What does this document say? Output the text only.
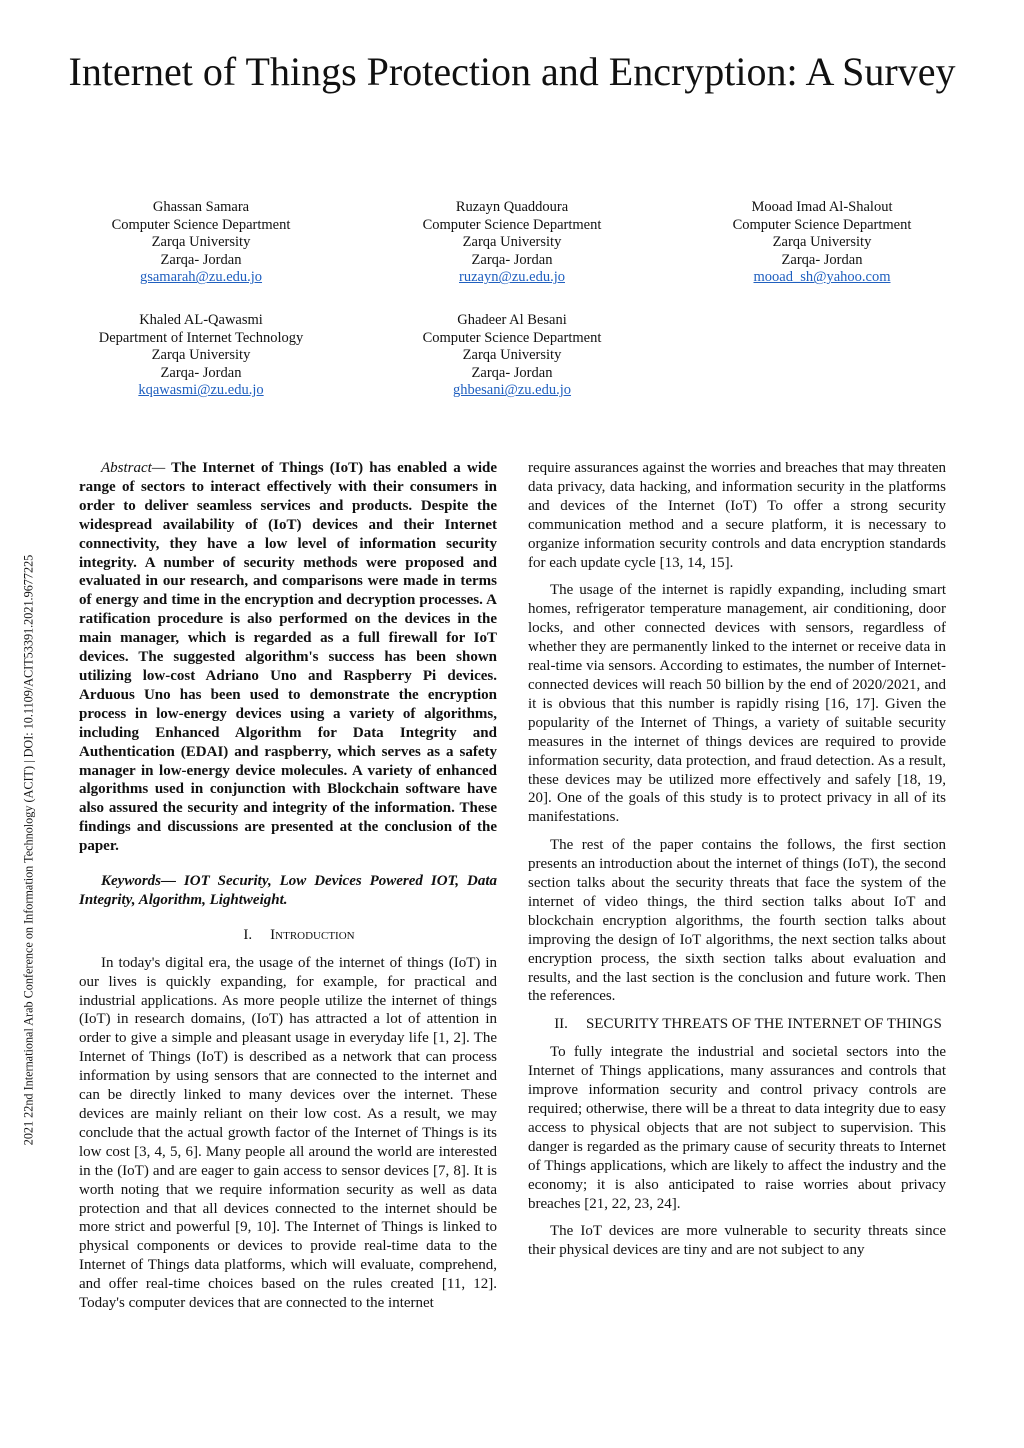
Internet of Things Protection and Encryption: A Survey
Ghassan Samara
Computer Science Department
Zarqa University
Zarqa- Jordan
gsamarah@zu.edu.jo
Ruzayn Quaddoura
Computer Science Department
Zarqa University
Zarqa- Jordan
ruzayn@zu.edu.jo
Mooad Imad Al-Shalout
Computer Science Department
Zarqa University
Zarqa- Jordan
mooad_sh@yahoo.com
Khaled AL-Qawasmi
Department of Internet Technology
Zarqa University
Zarqa- Jordan
kqawasmi@zu.edu.jo
Ghadeer Al Besani
Computer Science Department
Zarqa University
Zarqa- Jordan
ghbesani@zu.edu.jo
2021 22nd International Arab Conference on Information Technology (ACIT) | DOI: 10.1109/ACIT53391.2021.9677225

Abstract— The Internet of Things (IoT) has enabled a wide range of sectors to interact effectively with their consumers in order to deliver seamless services and products. Despite the widespread availability of (IoT) devices and their Internet connectivity, they have a low level of information security integrity. A number of security methods were proposed and evaluated in our research, and comparisons were made in terms of energy and time in the encryption and decryption processes. A ratification procedure is also performed on the devices in the main manager, which is regarded as a full firewall for IoT devices. The suggested algorithm's success has been shown utilizing low-cost Adriano Uno and Raspberry Pi devices. Arduous Uno has been used to demonstrate the encryption process in low-energy devices using a variety of algorithms, including Enhanced Algorithm for Data Integrity and Authentication (EDAI) and raspberry, which serves as a safety manager in low-energy device molecules. A variety of enhanced algorithms used in conjunction with Blockchain software have also assured the security and integrity of the information. These findings and discussions are presented at the conclusion of the paper.

Keywords— IOT Security, Low Devices Powered IOT, Data Integrity, Algorithm, Lightweight.

I. Introduction

In today's digital era, the usage of the internet of things (IoT) in our lives is quickly expanding, for example, for practical and industrial applications. As more people utilize the internet of things (IoT) in research domains, (IoT) has attracted a lot of attention in order to give a simple and pleasant usage in everyday life [1, 2]. The Internet of Things (IoT) is described as a network that can process information by using sensors that are connected to the internet and can be directly linked to many devices over the internet. These devices are mainly reliant on their low cost. As a result, we may conclude that the actual growth factor of the Internet of Things is its low cost [3, 4, 5, 6]. Many people all around the world are interested in the (IoT) and are eager to gain access to sensor devices [7, 8]. It is worth noting that we require information security as well as data protection and that all devices connected to the internet should be more strict and powerful [9, 10]. The Internet of Things is linked to physical components or devices to provide real-time data to the Internet of Things data platforms, which will evaluate, comprehend, and offer real-time choices based on the rules created [11, 12]. Today's computer devices that are connected to the internet

require assurances against the worries and breaches that may threaten data privacy, data hacking, and information security in the platforms and devices of the Internet (IoT) To offer a strong security communication method and a secure platform, it is necessary to organize information security controls and data encryption standards for each update cycle [13, 14, 15].

The usage of the internet is rapidly expanding, including smart homes, refrigerator temperature management, air conditioning, door locks, and other connected devices with sensors, regardless of whether they are permanently linked to the internet or receive data in real-time via sensors. According to estimates, the number of Internet-connected devices will reach 50 billion by the end of 2020/2021, and it is obvious that this number is rapidly rising [16, 17]. Given the popularity of the Internet of Things, a variety of suitable security measures in the internet of things devices are required to provide information security, data protection, and fraud detection. As a result, these devices may be utilized more effectively and safely [18, 19, 20]. One of the goals of this study is to protect privacy in all of its manifestations.

The rest of the paper contains the follows, the first section presents an introduction about the internet of things (IoT), the second section talks about the security threats that face the system of the internet of video things, the third section talks about IoT and blockchain encryption algorithms, the fourth section talks about improving the design of IoT algorithms, the next section talks about encryption process, the sixth section talks about evaluation and results, and the last section is the conclusion and future work. Then the references.

II. SECURITY THREATS OF THE INTERNET OF THINGS

To fully integrate the industrial and societal sectors into the Internet of Things applications, many assurances and controls that improve information security and control privacy controls are required; otherwise, there will be a threat to data integrity due to easy access to physical objects that are not subject to supervision. This danger is regarded as the primary cause of security threats to Internet of Things applications, which are likely to affect the industry and the economy; it is also anticipated to raise worries about privacy breaches [21, 22, 23, 24].

The IoT devices are more vulnerable to security threats since their physical devices are tiny and are not subject to any
